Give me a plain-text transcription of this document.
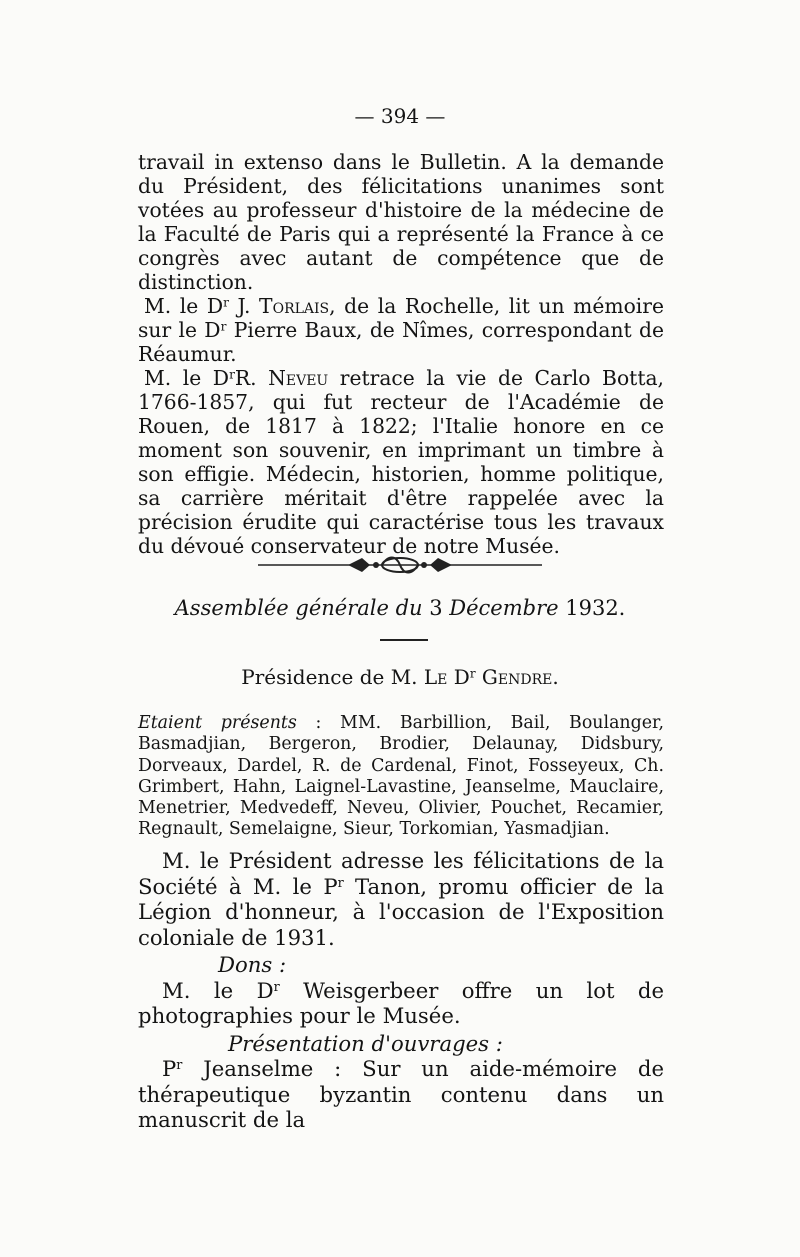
— 394 —

travail in extenso dans le Bulletin. A la demande du Président, des félicitations unanimes sont votées au professeur d'histoire de la médecine de la Faculté de Paris qui a représenté la France à ce congrès avec autant de compétence que de distinction.

M. le $D^r$ J. Torlais, de la Rochelle, lit un mémoire sur le $D^r$ Pierre Baux, de Nîmes, correspondant de Réaumur.

M. le $D^rR$. Neveu retrace la vie de Carlo Botta, 1766-1857, qui fut recteur de l'Académie de Rouen, de 1817 à 1822; l'Italie honore en ce moment son souvenir, en imprimant un timbre à son effigie. Médecin, historien, homme politique, sa carrière méritait d'être rappelée avec la précision érudite qui caractérise tous les travaux du dévoué conservateur de notre Musée.

Assemblée générale du 3 Décembre 1932.
Présidence de M. Le $D^r$ Gendre.

Etaient présents : MM. Barbillion, Bail, Boulanger, Basmadjian, Bergeron, Brodier, Delaunay, Didsbury, Dorveaux, Dardel, R. de Cardenal, Finot, Fosseyeux, Ch. Grimbert, Hahn, Laignel-Lavastine, Jeanselme, Mauclaire, Menetrier, Medvedeff, Neveu, Olivier, Pouchet, Recamier, Regnault, Semelaigne, Sieur, Torkomian, Yasmadjian.

M. le Président adresse les félicitations de la Société à M. le $P^r$ Tanon, promu officier de la Légion d'honneur, à l'occasion de l'Exposition coloniale de 1931.

Dons :

M. le $D^r$ Weisgerbeer offre un lot de photographies pour le Musée.

Présentation d'ouvrages :

$P^r$ Jeanselme : Sur un aide-mémoire de thérapeutique byzantin contenu dans un manuscrit de la
